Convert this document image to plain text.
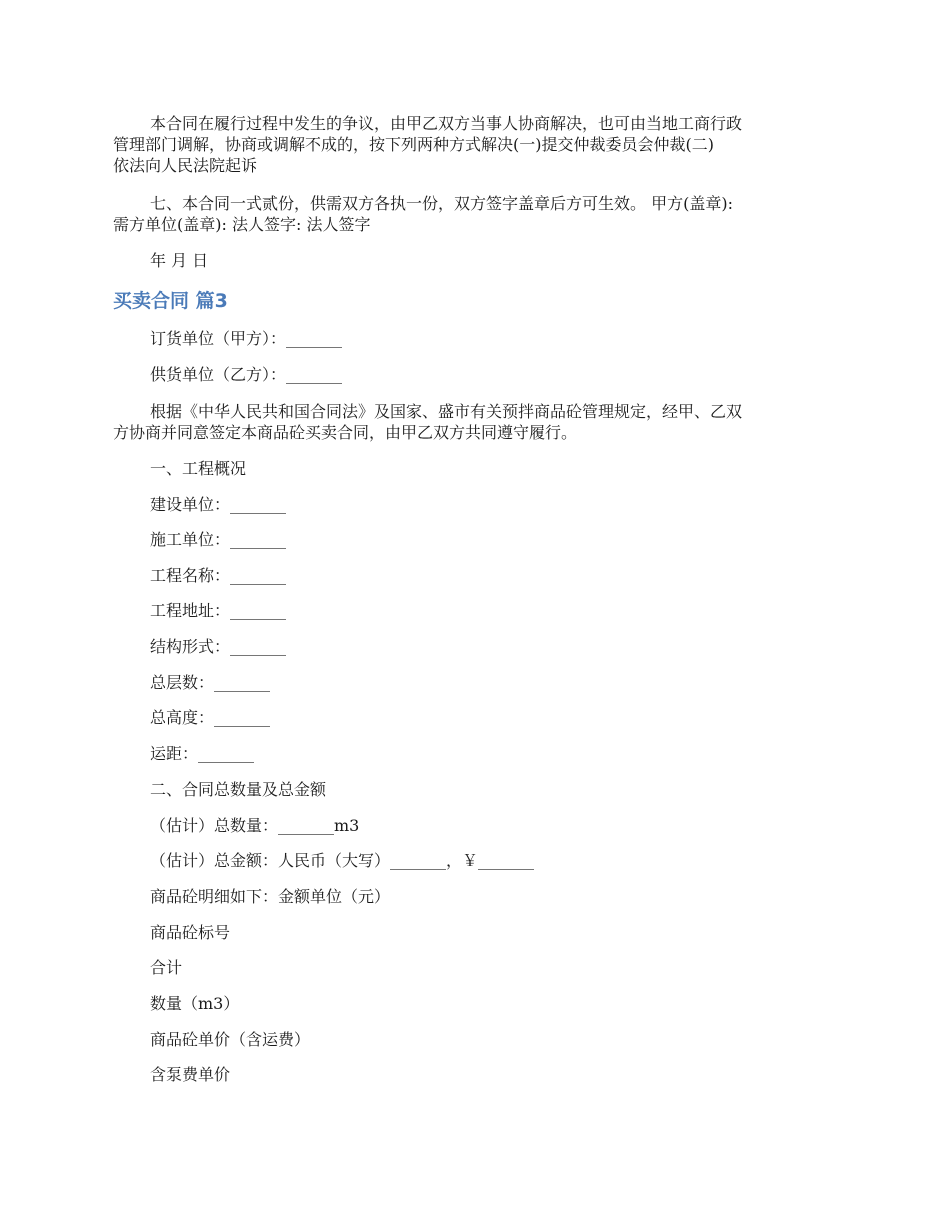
本合同在履行过程中发生的争议，由甲乙双方当事人协商解决，也可由当地工商行政
管理部门调解，协商或调解不成的，按下列两种方式解决(一)提交仲裁委员会仲裁(二)
依法向人民法院起诉
七、本合同一式贰份，供需双方各执一份，双方签字盖章后方可生效。 甲方(盖章):
需方单位(盖章): 法人签字: 法人签字
年 月 日
买卖合同 篇3
订货单位（甲方）：_______
供货单位（乙方）：_______
根据《中华人民共和国合同法》及国家、盛市有关预拌商品砼管理规定，经甲、乙双
方协商并同意签定本商品砼买卖合同，由甲乙双方共同遵守履行。
一、工程概况
建设单位：_______
施工单位：_______
工程名称：_______
工程地址：_______
结构形式：_______
总层数：_______
总高度：_______
运距：_______
二、合同总数量及总金额
（估计）总数量：_______m3
（估计）总金额：人民币（大写）_______，￥_______
商品砼明细如下：金额单位（元）
商品砼标号
合计
数量（m3）
商品砼单价（含运费）
含泵费单价
